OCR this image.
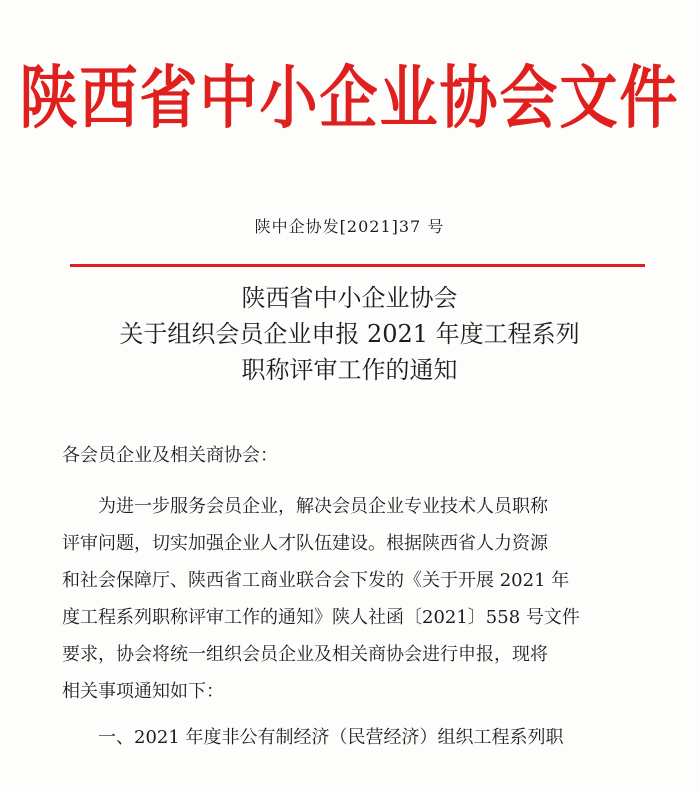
陕西省中小企业协会文件
陕中企协发[2021]37 号
陕西省中小企业协会
关于组织会员企业申报 2021 年度工程系列
职称评审工作的通知
各会员企业及相关商协会：
　　为进一步服务会员企业，解决会员企业专业技术人员职称
评审问题，切实加强企业人才队伍建设。根据陕西省人力资源
和社会保障厅、陕西省工商业联合会下发的《关于开展 2021 年
度工程系列职称评审工作的通知》陕人社函〔2021〕558 号文件
要求，协会将统一组织会员企业及相关商协会进行申报，现将
相关事项通知如下：
　　一、2021 年度非公有制经济（民营经济）组织工程系列职
